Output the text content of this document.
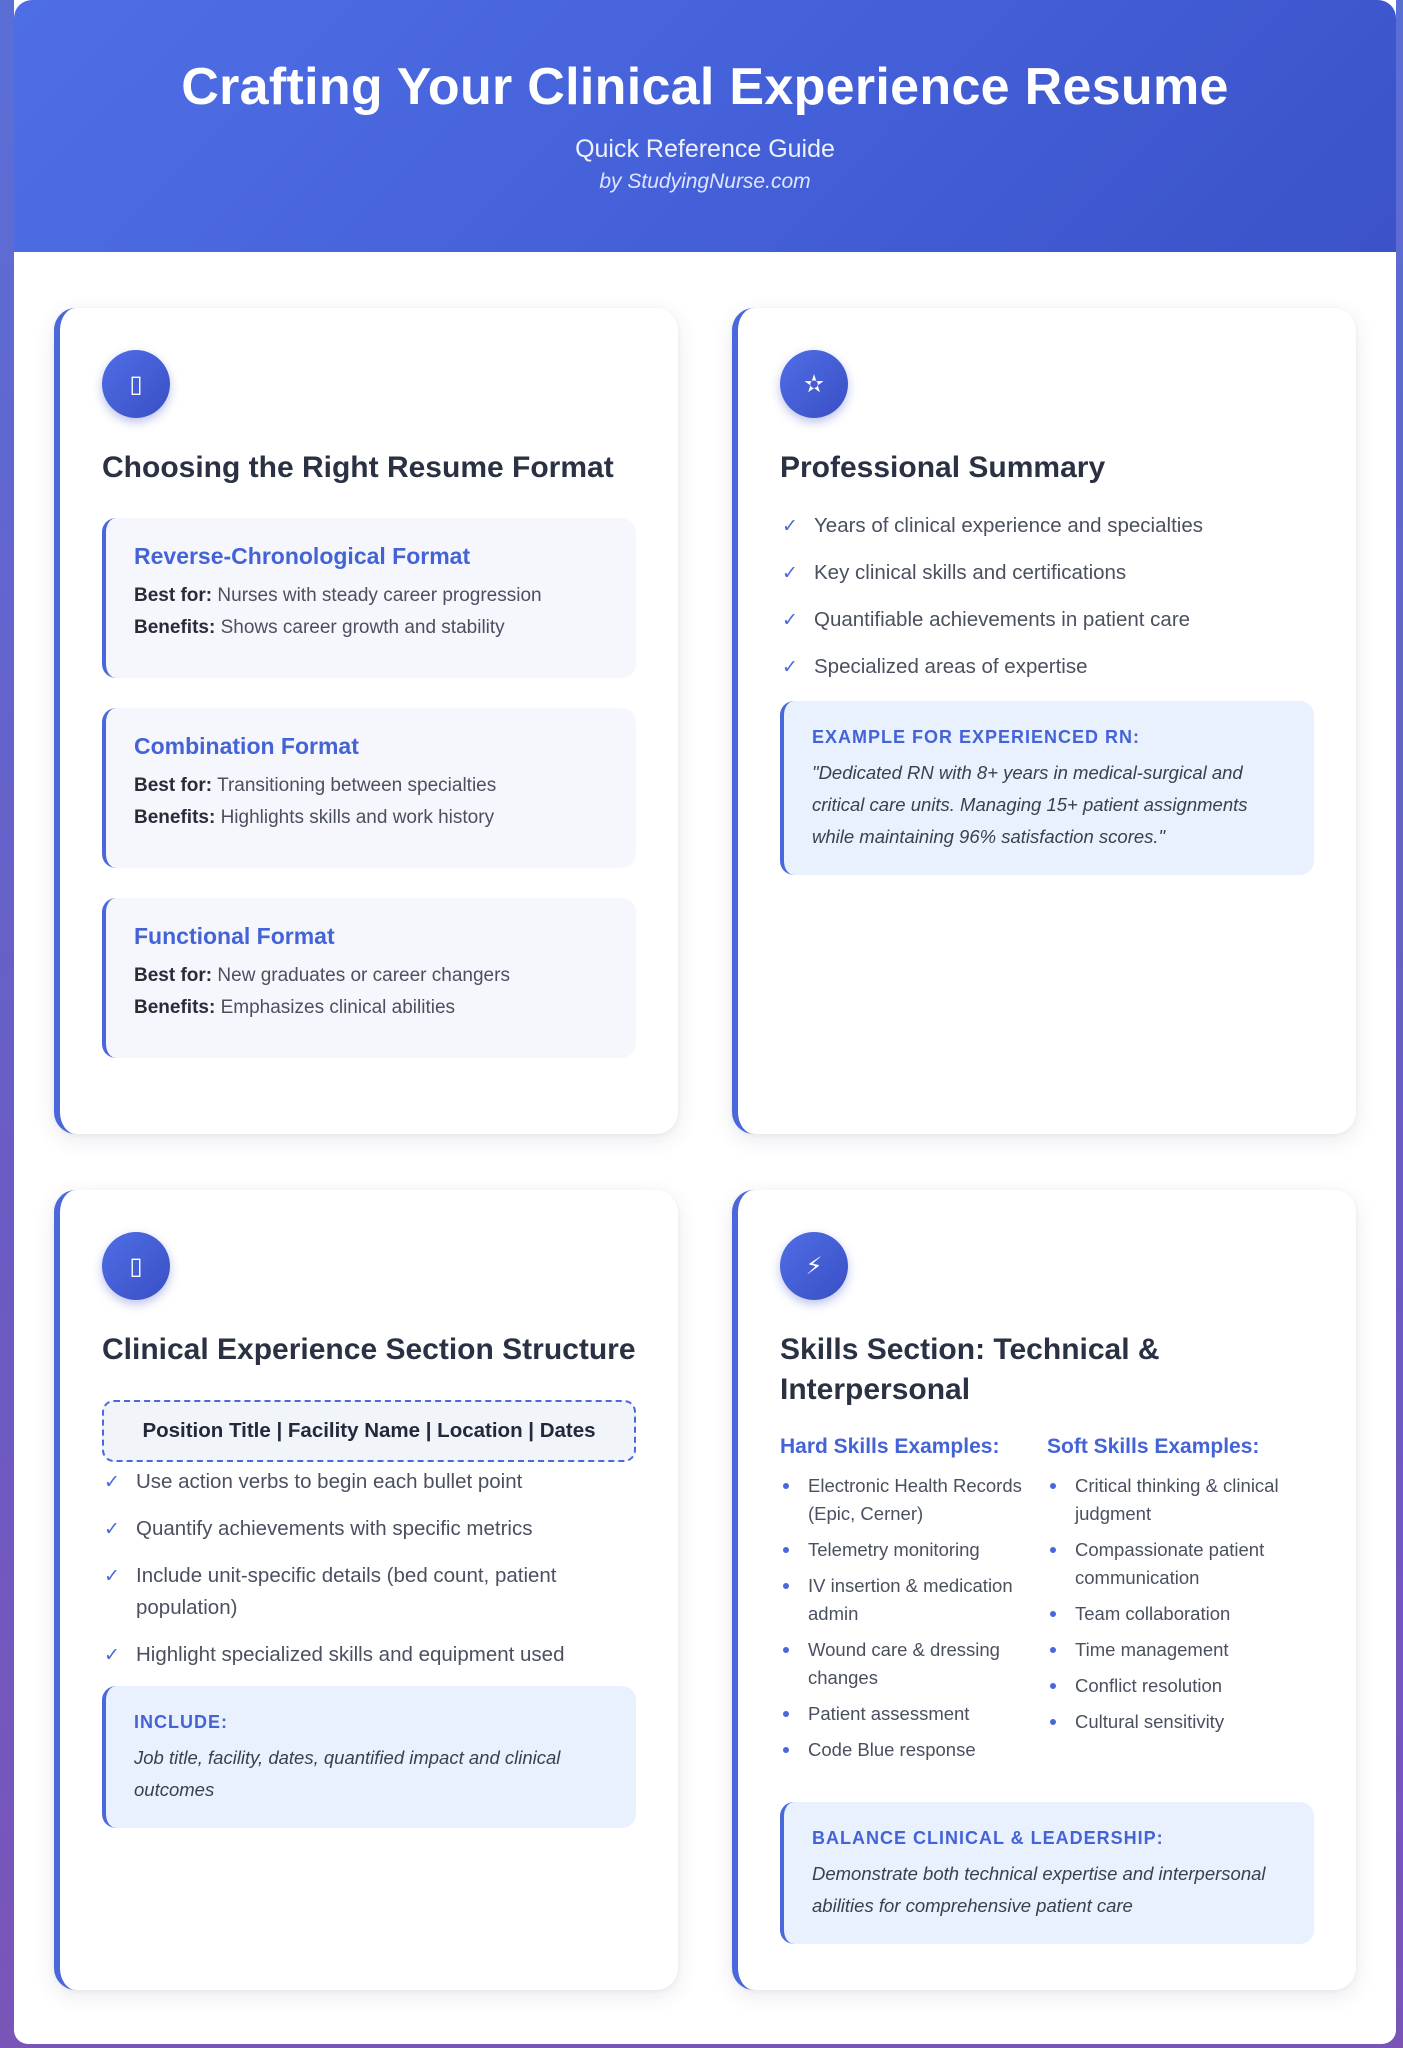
Crafting Your Clinical Experience Resume
Quick Reference Guide
by StudyingNurse.com
▯
Choosing the Right Resume Format
Reverse-Chronological Format

Best for: Nurses with steady career progression

Benefits: Shows career growth and stability

Combination Format

Best for: Transitioning between specialties

Benefits: Highlights skills and work history

Functional Format

Best for: New graduates or career changers

Benefits: Emphasizes clinical abilities

✫
Professional Summary
✓ Years of clinical experience and specialties
✓ Key clinical skills and certifications
✓ Quantifiable achievements in patient care
✓ Specialized areas of expertise
EXAMPLE FOR EXPERIENCED RN:
"Dedicated RN with 8+ years in medical-surgical and critical care units. Managing 15+ patient assignments while maintaining 96% satisfaction scores."
▯
Clinical Experience Section Structure
Position Title | Facility Name | Location | Dates
✓ Use action verbs to begin each bullet point
✓ Quantify achievements with specific metrics
✓ Include unit-specific details (bed count, patient population)
✓ Highlight specialized skills and equipment used
INCLUDE:
Job title, facility, dates, quantified impact and clinical outcomes
⚡
Skills Section: Technical & Interpersonal
Hard Skills Examples:
Electronic Health Records (Epic, Cerner)
Telemetry monitoring
IV insertion & medication admin
Wound care & dressing changes
Patient assessment
Code Blue response
Soft Skills Examples:
Critical thinking & clinical judgment
Compassionate patient communication
Team collaboration
Time management
Conflict resolution
Cultural sensitivity
BALANCE CLINICAL & LEADERSHIP:
Demonstrate both technical expertise and interpersonal abilities for comprehensive patient care
